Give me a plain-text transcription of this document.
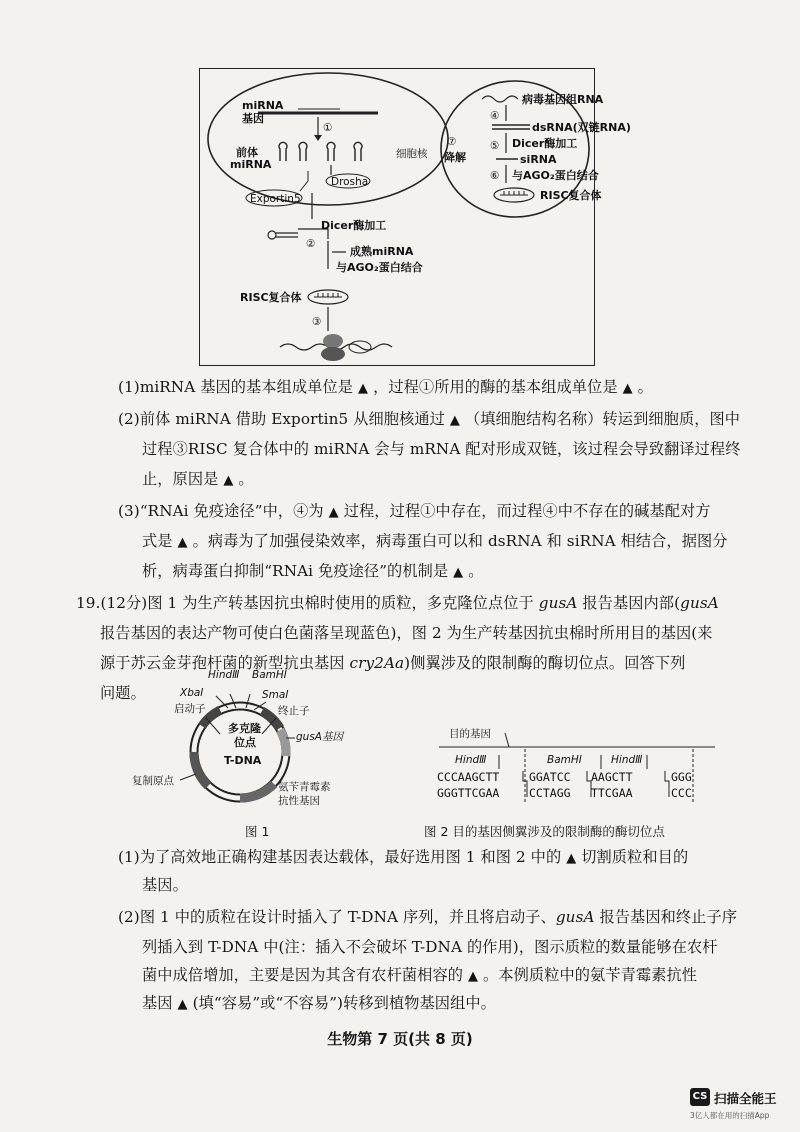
miRNA
基因
①
前体
miRNA
细胞核
Drosha
Exportin5
Dicer酶加工
②
成熟miRNA
与AGO₂蛋白结合
RISC复合体
③
病毒基因组RNA
④
dsRNA(双链RNA)
⑤ Dicer酶加工
siRNA
⑥ 与AGO₂蛋白结合
RISC复合体
⑦
降解
(1)miRNA 基因的基本组成单位是 ▲ ，过程①所用的酶的基本组成单位是 ▲ 。
(2)前体 miRNA 借助 Exportin5 从细胞核通过 ▲ （填细胞结构名称）转运到细胞质，图中
过程③RISC 复合体中的 miRNA 会与 mRNA 配对形成双链，该过程会导致翻译过程终
止，原因是 ▲ 。
(3)“RNAi 免疫途径”中，④为 ▲ 过程，过程①中存在，而过程④中不存在的碱基配对方
式是 ▲ 。病毒为了加强侵染效率，病毒蛋白可以和 dsRNA 和 siRNA 相结合，据图分
析，病毒蛋白抑制“RNAi 免疫途径”的机制是 ▲ 。
19.(12分)图 1 为生产转基因抗虫棉时使用的质粒，多克隆位点位于 gusA 报告基因内部(gusA
报告基因的表达产物可使白色菌落呈现蓝色)，图 2 为生产转基因抗虫棉时所用目的基因(来
源于苏云金芽孢杆菌的新型抗虫基因 cry2Aa)侧翼涉及的限制酶的酶切位点。回答下列
问题。
HindⅢ BamHⅠ
XbaⅠ	SmaⅠ
启动子	终止子
多克隆
位点
T-DNA
gusA基因
复制原点	氨苄青霉素
抗性基因
目的基因
HindⅢ	BamHⅠ	HindⅢ
CCCAAGCTT	GGATCC AAGCTT	GGG
GGGTTCGAA	CCTAGG TTCGAA	CCC
图 1	图 2 目的基因侧翼涉及的限制酶的酶切位点
(1)为了高效地正确构建基因表达载体，最好选用图 1 和图 2 中的 ▲ 切割质粒和目的
基因。
(2)图 1 中的质粒在设计时插入了 T-DNA 序列，并且将启动子、gusA 报告基因和终止子序
列插入到 T-DNA 中(注：插入不会破坏 T-DNA 的作用)，图示质粒的数量能够在农杆
菌中成倍增加，主要是因为其含有农杆菌相容的 ▲ 。本例质粒中的氨苄青霉素抗性
基因 ▲ (填“容易”或“不容易”)转移到植物基因组中。
生物第 7 页(共 8 页)
CS 扫描全能王
3亿人都在用的扫描App
